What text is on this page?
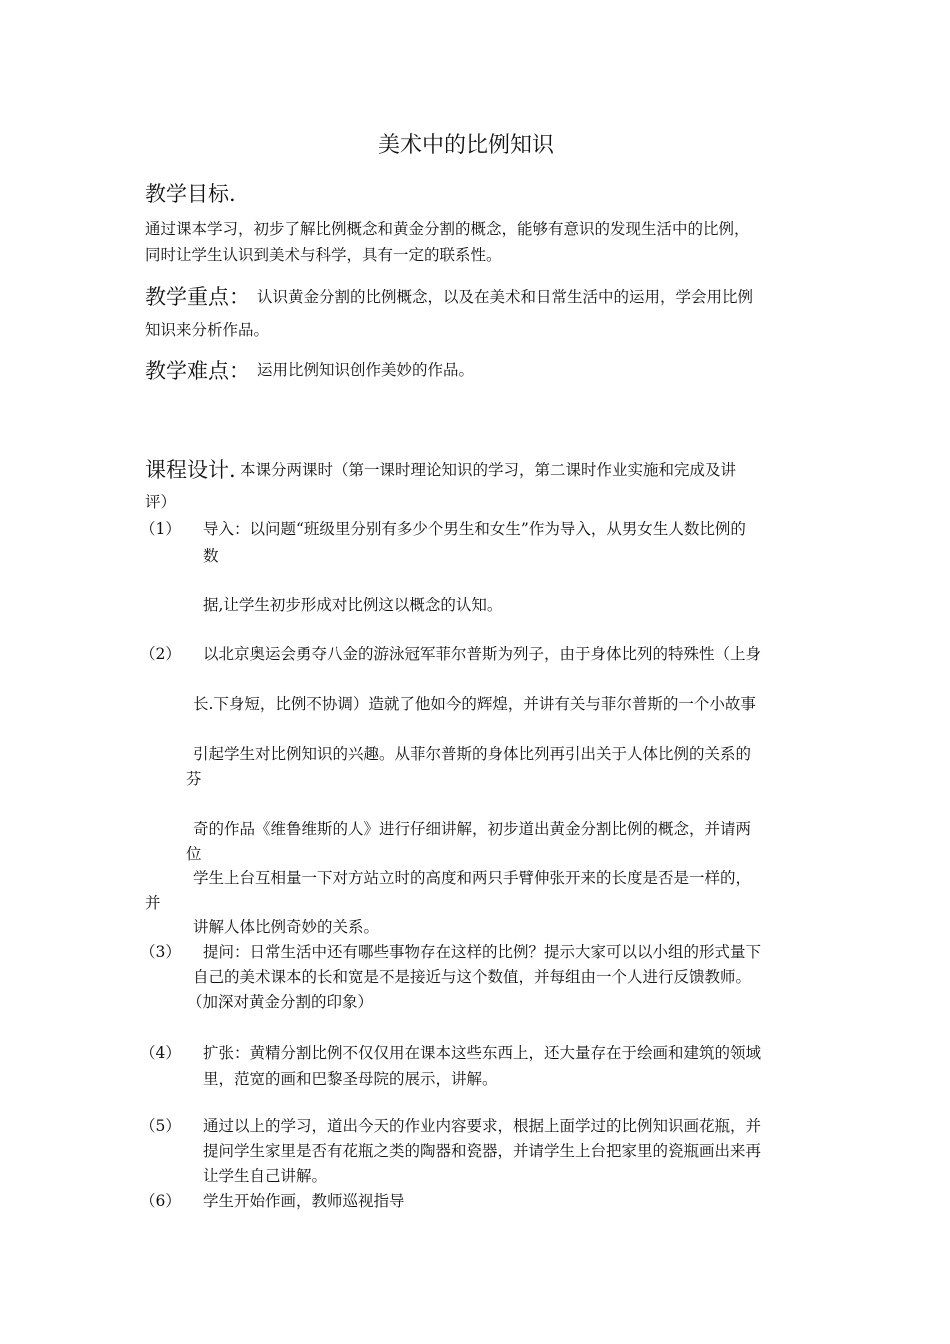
美术中的比例知识
教学目标.
通过课本学习，初步了解比例概念和黄金分割的概念，能够有意识的发现生活中的比例，
同时让学生认识到美术与科学，具有一定的联系性。
教学重点： 认识黄金分割的比例概念，以及在美术和日常生活中的运用，学会用比例
知识来分析作品。
教学难点： 运用比例知识创作美妙的作品。
课程设计. 本课分两课时（第一课时理论知识的学习，第二课时作业实施和完成及讲
评）
（1） 导入：以问题“班级里分别有多少个男生和女生”作为导入，从男女生人数比例的
数
据,让学生初步形成对比例这以概念的认知。
（2） 以北京奥运会勇夺八金的游泳冠军菲尔普斯为列子，由于身体比列的特殊性（上身
长.下身短，比例不协调）造就了他如今的辉煌，并讲有关与菲尔普斯的一个小故事
引起学生对比例知识的兴趣。从菲尔普斯的身体比列再引出关于人体比例的关系的
芬
奇的作品《维鲁维斯的人》进行仔细讲解，初步道出黄金分割比例的概念，并请两
位
学生上台互相量一下对方站立时的高度和两只手臂伸张开来的长度是否是一样的，
并
讲解人体比例奇妙的关系。
（3） 提问：日常生活中还有哪些事物存在这样的比例？提示大家可以以小组的形式量下
自己的美术课本的长和宽是不是接近与这个数值，并每组由一个人进行反馈教师。
（加深对黄金分割的印象）
（4） 扩张：黄精分割比例不仅仅用在课本这些东西上，还大量存在于绘画和建筑的领域
里，范宽的画和巴黎圣母院的展示，讲解。
（5） 通过以上的学习，道出今天的作业内容要求，根据上面学过的比例知识画花瓶，并
提问学生家里是否有花瓶之类的陶器和瓷器，并请学生上台把家里的瓷瓶画出来再
让学生自己讲解。
（6） 学生开始作画，教师巡视指导
